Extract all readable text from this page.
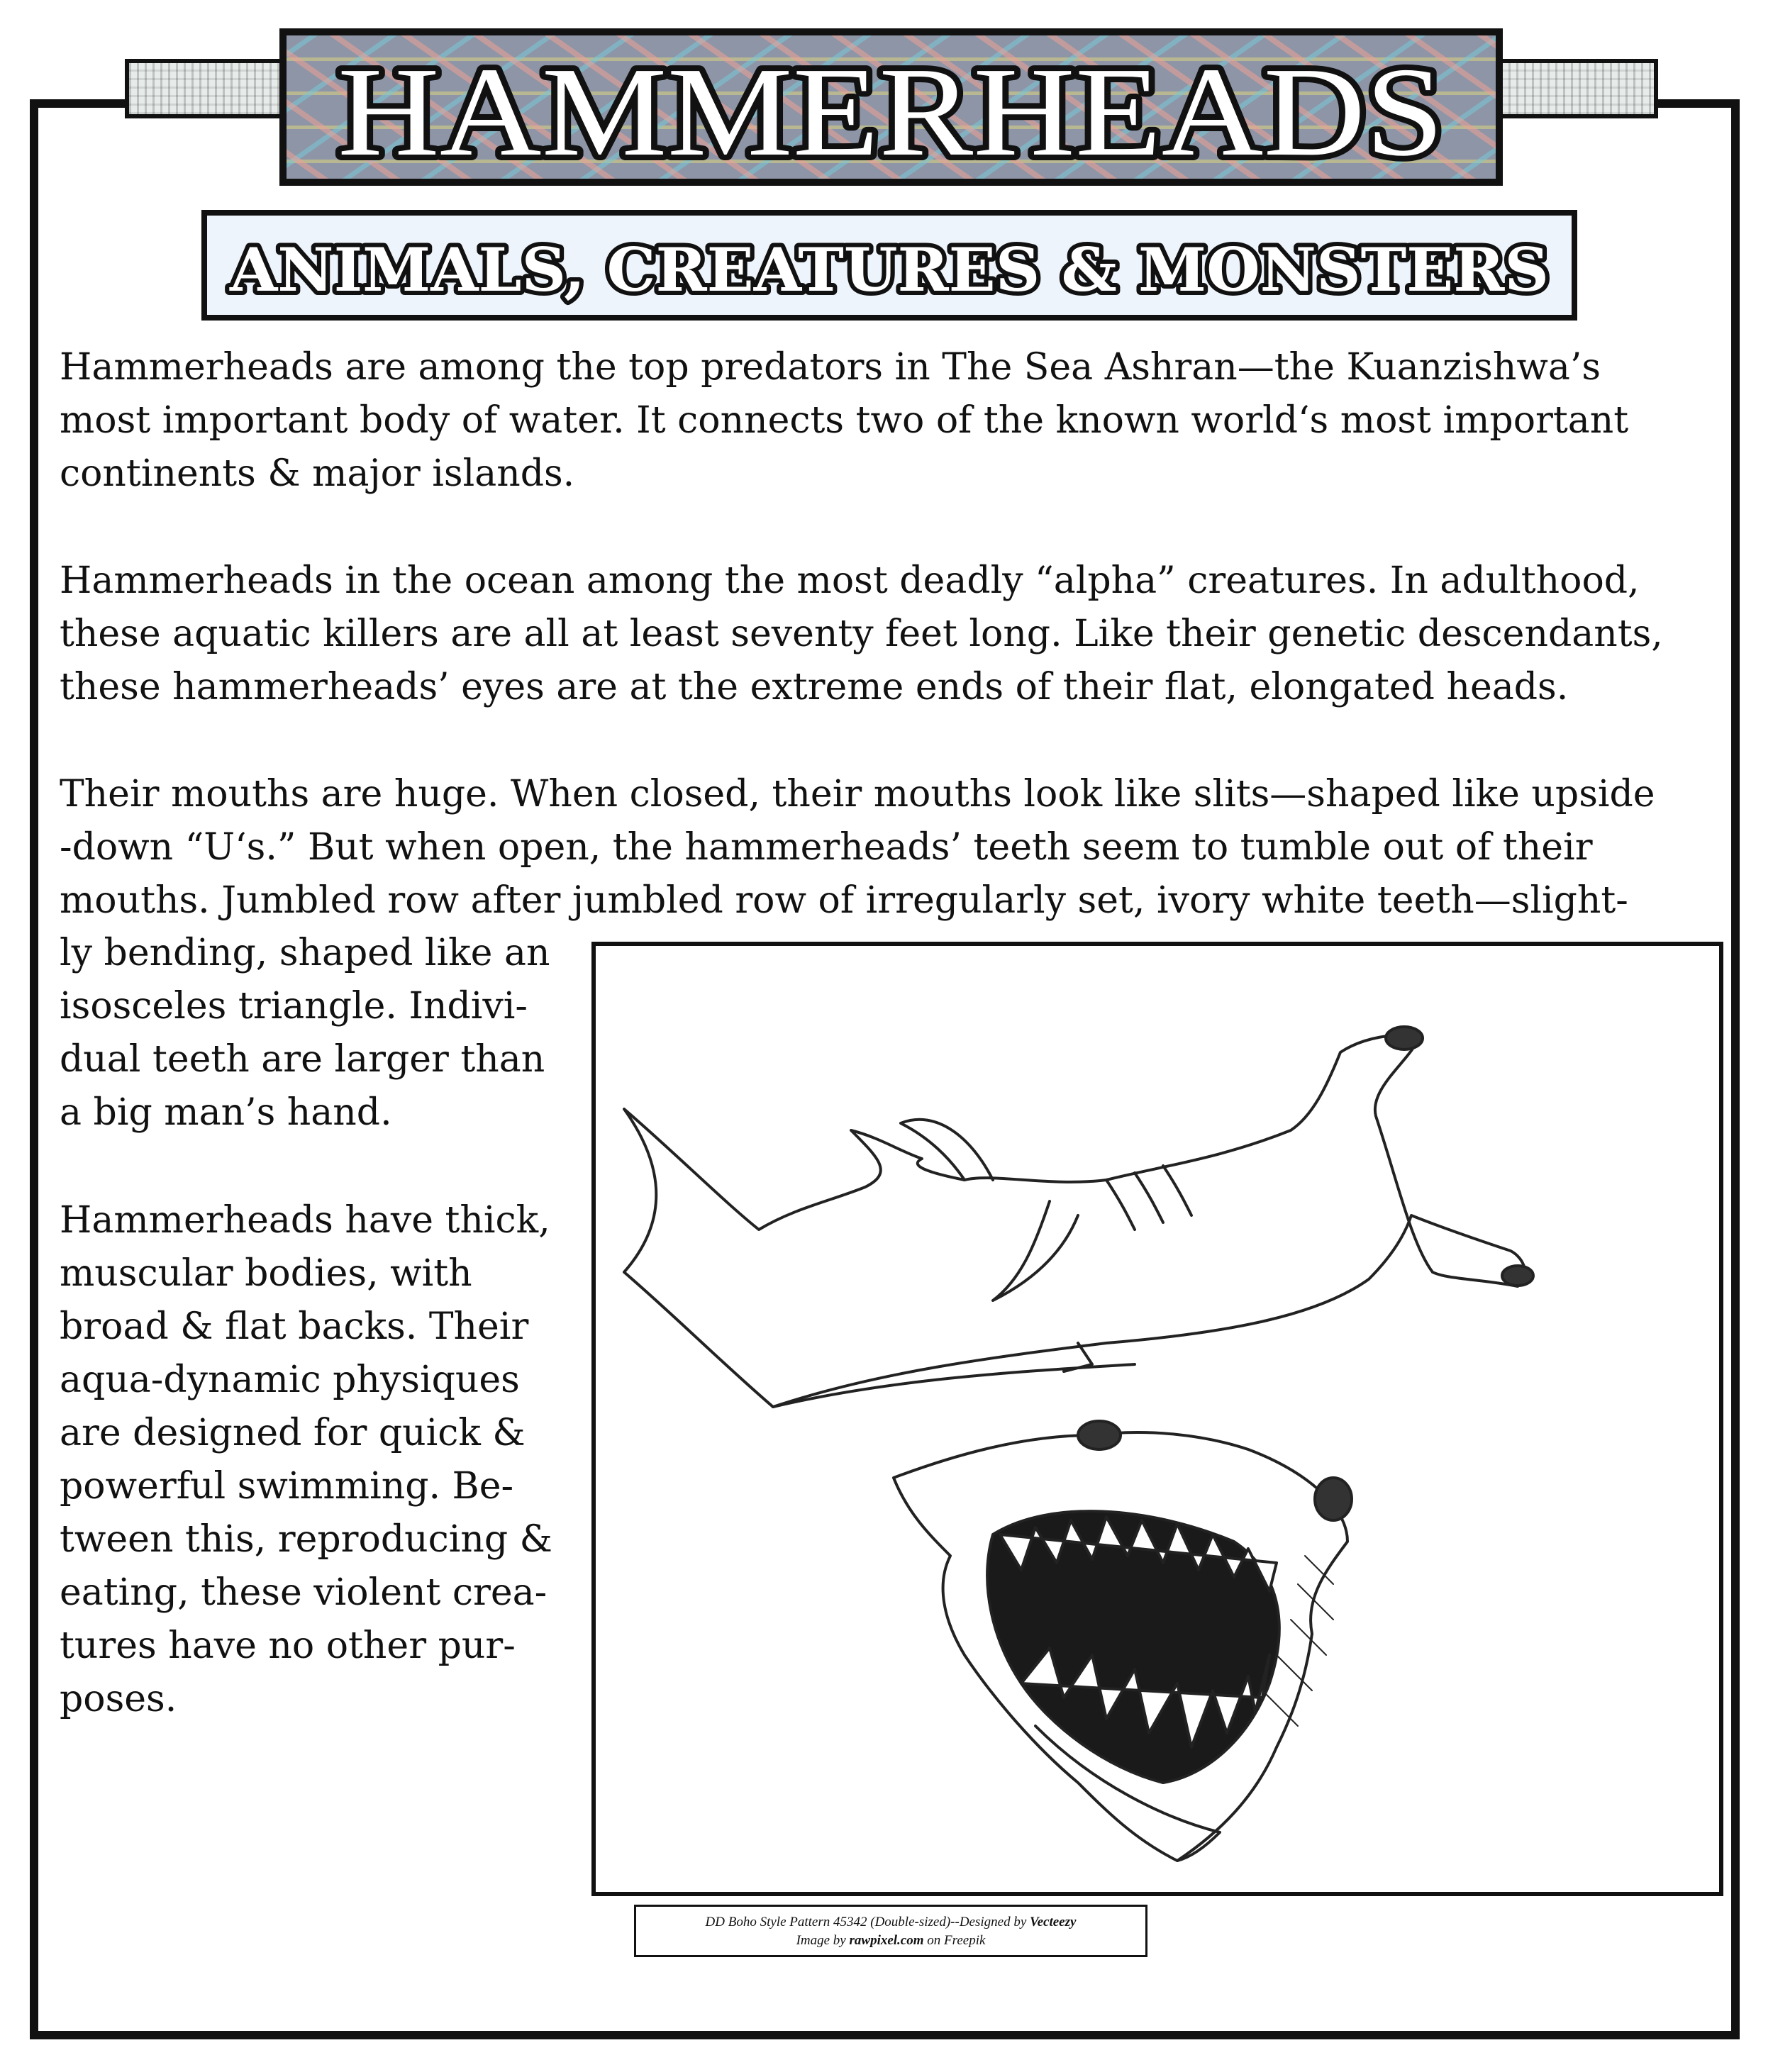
HAMMERHEADS
ANIMALS, CREATURES & MONSTERS
Hammerheads are among the top predators in The Sea Ashran—the Kuanzishwa’s
most important body of water. It connects two of the known world‘s most important
continents & major islands.
Hammerheads in the ocean among the most deadly “alpha” creatures. In adulthood,
these aquatic killers are all at least seventy feet long. Like their genetic descendants,
these hammerheads’ eyes are at the extreme ends of their flat, elongated heads.
Their mouths are huge. When closed, their mouths look like slits—shaped like upside
-down “U‘s.” But when open, the hammerheads’ teeth seem to tumble out of their
mouths. Jumbled row after jumbled row of irregularly set, ivory white teeth—slight-
ly bending, shaped like an
isosceles triangle. Indivi-
dual teeth are larger than
a big man’s hand.
Hammerheads have thick,
muscular bodies, with
broad & flat backs. Their
aqua-dynamic physiques
are designed for quick &
powerful swimming. Be-
tween this, reproducing &
eating, these violent crea-
tures have no other pur-
poses.
DD Boho Style Pattern 45342 (Double-sized)--Designed by Vecteezy
Image by rawpixel.com on Freepik
